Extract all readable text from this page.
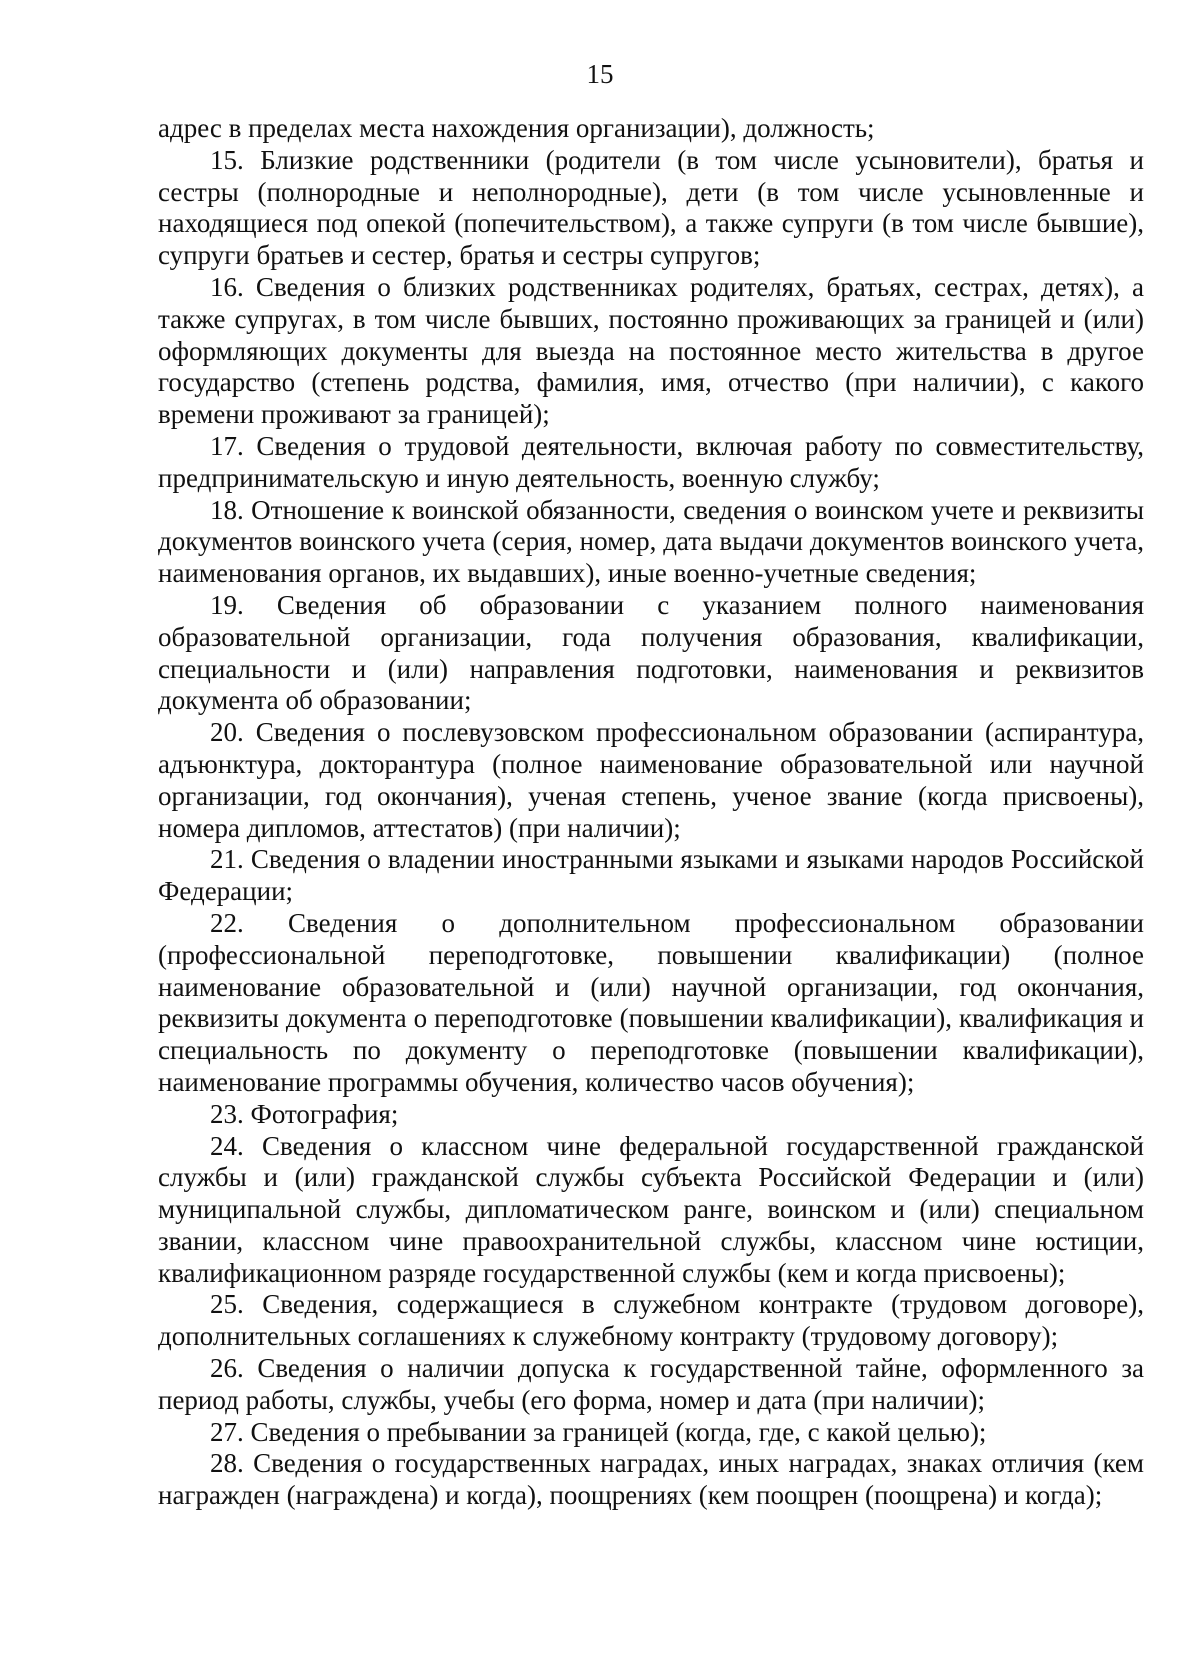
15

адрес в пределах места нахождения организации), должность;

15. Близкие родственники (родители (в том числе усыновители), братья и сестры (полнородные и неполнородные), дети (в том числе усыновленные и находящиеся под опекой (попечительством), а также супруги (в том числе бывшие), супруги братьев и сестер, братья и сестры супругов;

16. Сведения о близких родственниках родителях, братьях, сестрах, детях), а также супругах, в том числе бывших, постоянно проживающих за границей и (или) оформляющих документы для выезда на постоянное место жительства в другое государство (степень родства, фамилия, имя, отчество (при наличии), с какого времени проживают за границей);

17. Сведения о трудовой деятельности, включая работу по совместительству, предпринимательскую и иную деятельность, военную службу;

18. Отношение к воинской обязанности, сведения о воинском учете и реквизиты документов воинского учета (серия, номер, дата выдачи документов воинского учета, наименования органов, их выдавших), иные военно-учетные сведения;

19. Сведения об образовании с указанием полного наименования образовательной организации, года получения образования, квалификации, специальности и (или) направления подготовки, наименования и реквизитов документа об образовании;

20. Сведения о послевузовском профессиональном образовании (аспирантура, адъюнктура, докторантура (полное наименование образовательной или научной организации, год окончания), ученая степень, ученое звание (когда присвоены), номера дипломов, аттестатов) (при наличии);

21. Сведения о владении иностранными языками и языками народов Российской Федерации;

22. Сведения о дополнительном профессиональном образовании (профессиональной переподготовке, повышении квалификации) (полное наименование образовательной и (или) научной организации, год окончания, реквизиты документа о переподготовке (повышении квалификации), квалификация и специальность по документу о переподготовке (повышении квалификации), наименование программы обучения, количество часов обучения);

23. Фотография;

24. Сведения о классном чине федеральной государственной гражданской службы и (или) гражданской службы субъекта Российской Федерации и (или) муниципальной службы, дипломатическом ранге, воинском и (или) специальном звании, классном чине правоохранительной службы, классном чине юстиции, квалификационном разряде государственной службы (кем и когда присвоены);

25. Сведения, содержащиеся в служебном контракте (трудовом договоре), дополнительных соглашениях к служебному контракту (трудовому договору);

26. Сведения о наличии допуска к государственной тайне, оформленного за период работы, службы, учебы (его форма, номер и дата (при наличии);

27. Сведения о пребывании за границей (когда, где, с какой целью);

28. Сведения о государственных наградах, иных наградах, знаках отличия (кем награжден (награждена) и когда), поощрениях (кем поощрен (поощрена) и когда);
